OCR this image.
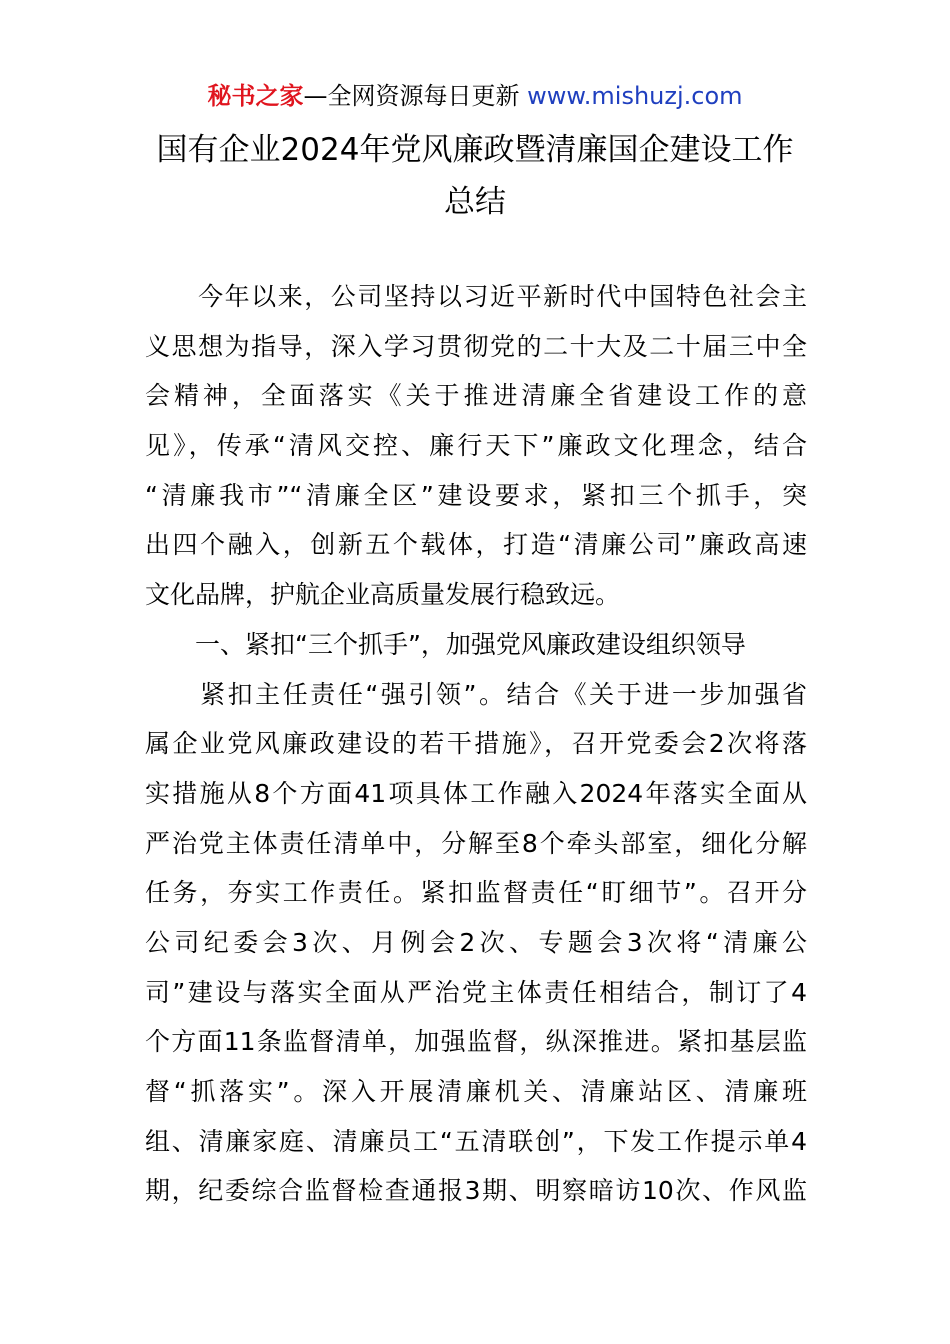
秘书之家—全网资源每日更新 www.mishuzj.com
国有企业2024年党风廉政暨清廉国企建设工作
总结
　　今年以来，公司坚持以习近平新时代中国特色社会主
义思想为指导，深入学习贯彻党的二十大及二十届三中全
会精神，全面落实《关于推进清廉全省建设工作的意
见》，传承“清风交控、廉行天下”廉政文化理念，结合
“清廉我市”“清廉全区”建设要求，紧扣三个抓手，突
出四个融入，创新五个载体，打造“清廉公司”廉政高速
文化品牌，护航企业高质量发展行稳致远。
　　一、紧扣“三个抓手”，加强党风廉政建设组织领导
　　紧扣主任责任“强引领”。结合《关于进一步加强省
属企业党风廉政建设的若干措施》，召开党委会2次将落
实措施从8个方面41项具体工作融入2024年落实全面从
严治党主体责任清单中，分解至8个牵头部室，细化分解
任务，夯实工作责任。紧扣监督责任“盯细节”。召开分
公司纪委会3次、月例会2次、专题会3次将“清廉公
司”建设与落实全面从严治党主体责任相结合，制订了4
个方面11条监督清单，加强监督，纵深推进。紧扣基层监
督“抓落实”。深入开展清廉机关、清廉站区、清廉班
组、清廉家庭、清廉员工“五清联创”，下发工作提示单4
期，纪委综合监督检查通报3期、明察暗访10次、作风监
